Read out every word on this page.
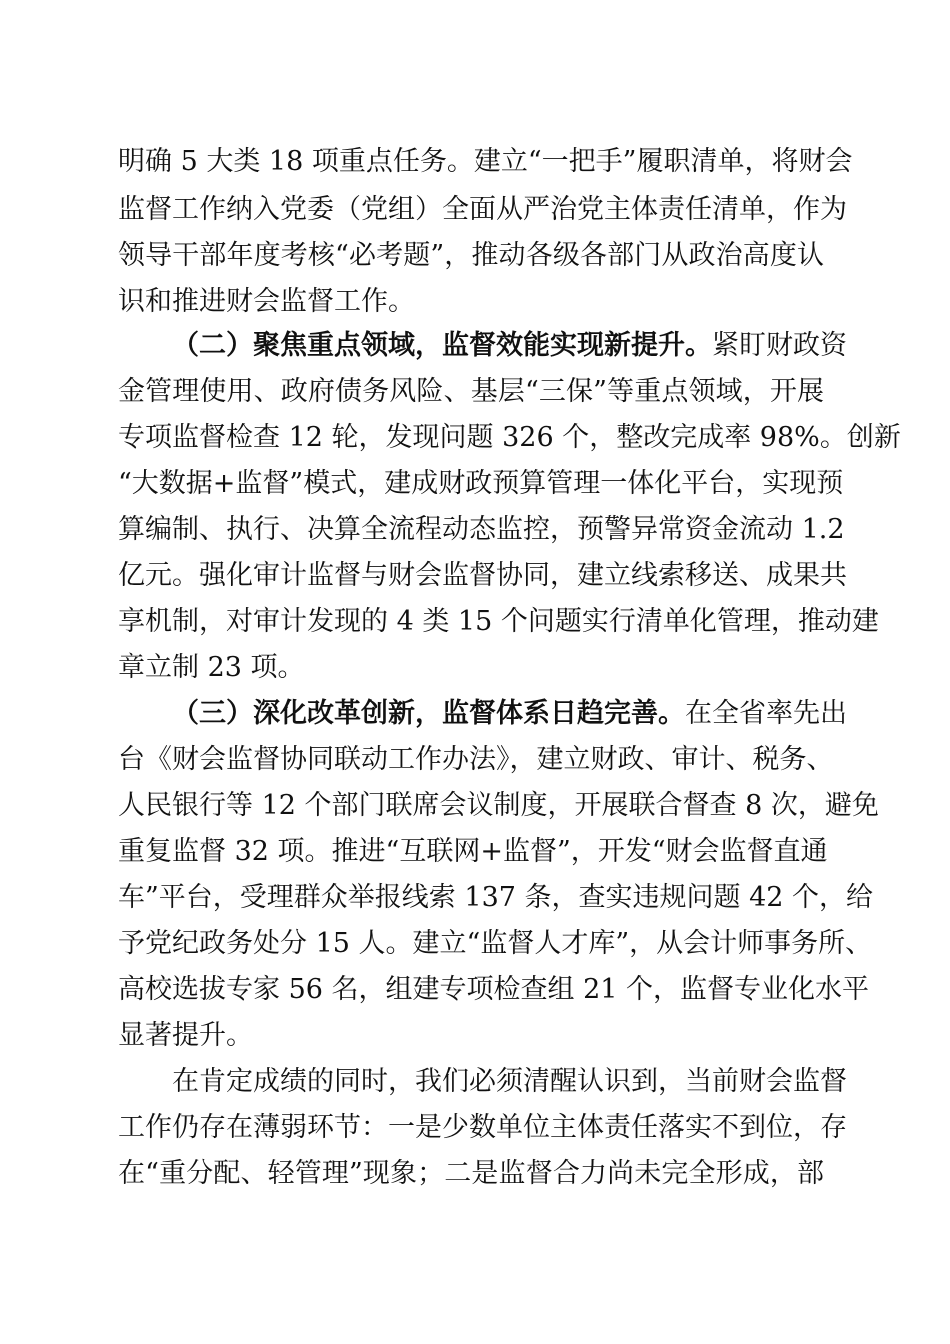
明确 5 大类 18 项重点任务。建立“一把手”履职清单，将财会
监督工作纳入党委（党组）全面从严治党主体责任清单，作为
领导干部年度考核“必考题”，推动各级各部门从政治高度认
识和推进财会监督工作。
（二）聚焦重点领域，监督效能实现新提升。紧盯财政资
金管理使用、政府债务风险、基层“三保”等重点领域，开展
专项监督检查 12 轮，发现问题 326 个，整改完成率 98%。创新
“大数据+监督”模式，建成财政预算管理一体化平台，实现预
算编制、执行、决算全流程动态监控，预警异常资金流动 1.2
亿元。强化审计监督与财会监督协同，建立线索移送、成果共
享机制，对审计发现的 4 类 15 个问题实行清单化管理，推动建
章立制 23 项。
（三）深化改革创新，监督体系日趋完善。在全省率先出
台《财会监督协同联动工作办法》，建立财政、审计、税务、
人民银行等 12 个部门联席会议制度，开展联合督查 8 次，避免
重复监督 32 项。推进“互联网+监督”，开发“财会监督直通
车”平台，受理群众举报线索 137 条，查实违规问题 42 个，给
予党纪政务处分 15 人。建立“监督人才库”，从会计师事务所、
高校选拔专家 56 名，组建专项检查组 21 个，监督专业化水平
显著提升。
在肯定成绩的同时，我们必须清醒认识到，当前财会监督
工作仍存在薄弱环节：一是少数单位主体责任落实不到位，存
在“重分配、轻管理”现象；二是监督合力尚未完全形成，部
